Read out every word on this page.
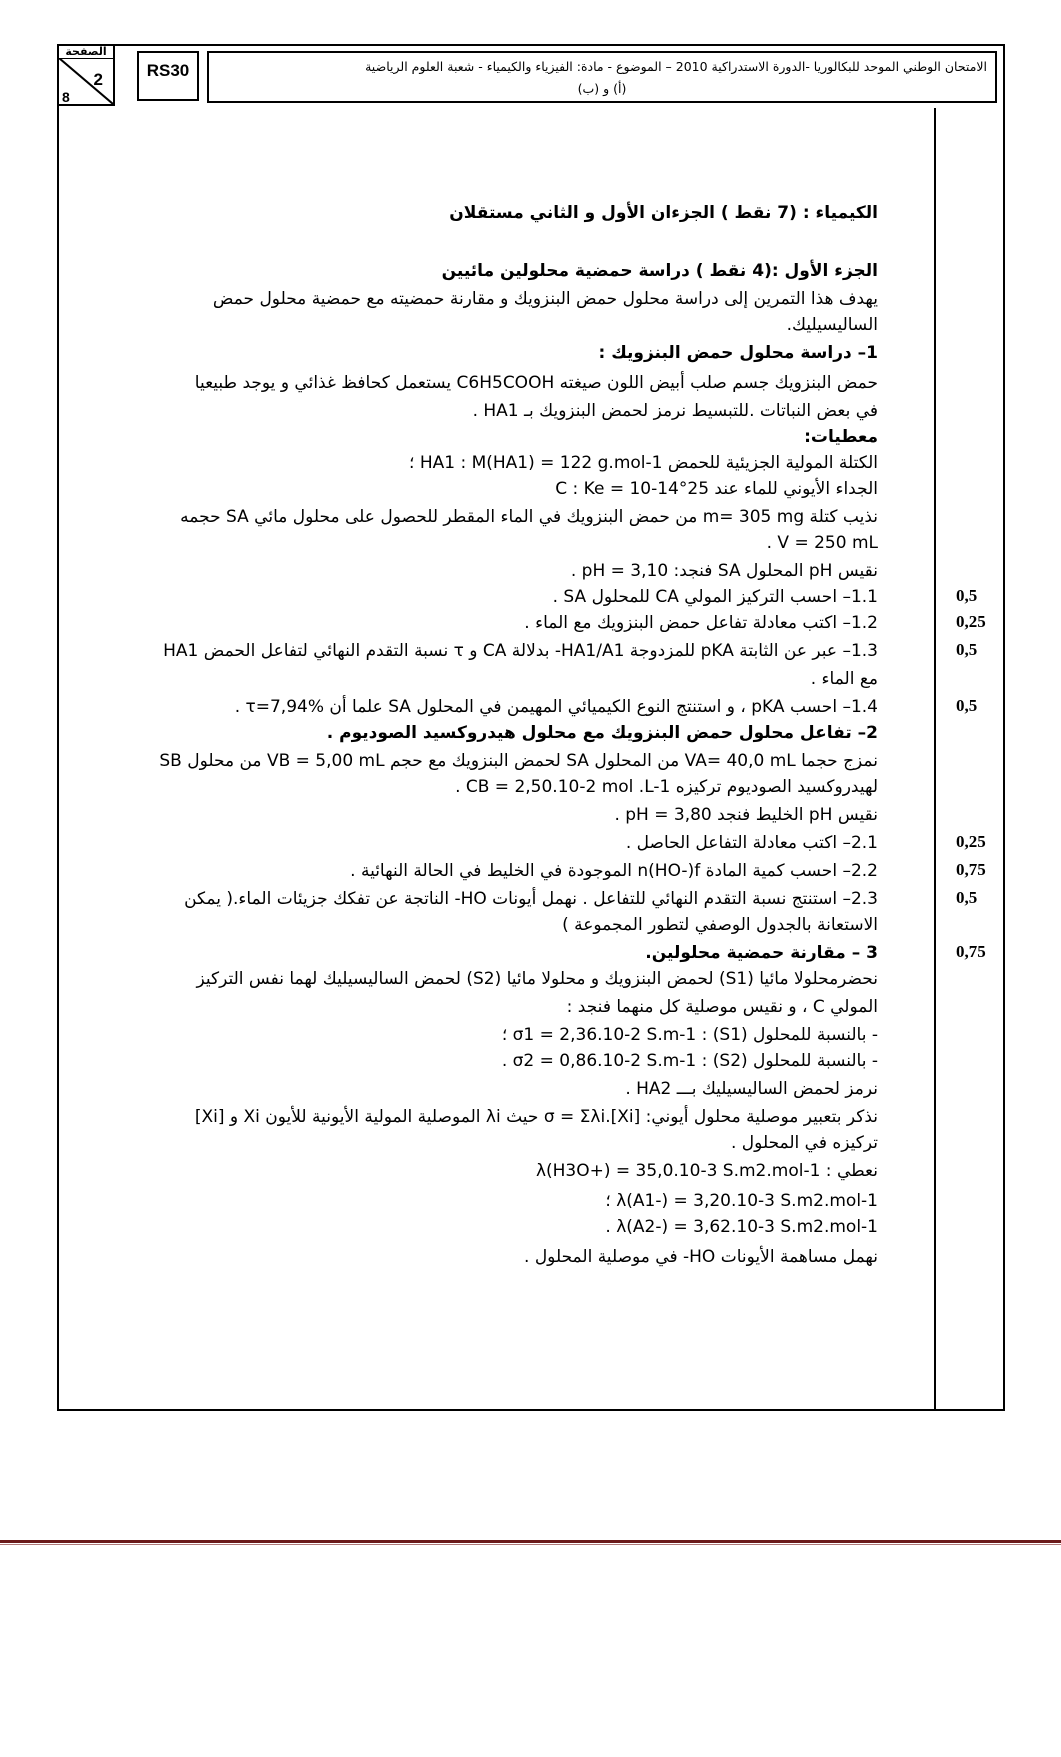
الصفحة
2
8
RS30	الامتحان الوطني الموحد للبكالوريا -الدورة الاستدراكية 2010 – الموضوع - مادة: الفيزياء والكيمياء - شعبة العلوم الرياضية
(أ) و (ب)
الكيمياء : (7 نقط ) الجزءان الأول و الثاني مستقلان
الجزء الأول :(4 نقط ) دراسة حمضية محلولين مائيين
يهدف هذا التمرين إلى دراسة محلول حمض البنزويك و مقارنة حمضيته مع حمضية محلول حمض
الساليسيليك.
1– دراسة محلول حمض البنزويك :
حمض البنزويك جسم صلب أبيض اللون صيغته C6H5COOH يستعمل كحافظ غذائي و يوجد طبيعيا
في بعض النباتات .للتبسيط نرمز لحمض البنزويك بـ HA1 .
معطيات:
الكتلة المولية الجزيئية للحمض HA1 : M(HA1) = 122 g.mol-1 ؛
الجداء الأيوني للماء عند 25°C : Ke = 10-14
نذيب كتلة m= 305 mg من حمض البنزويك في الماء المقطر للحصول على محلول مائي SA حجمه
V = 250 mL .
نقيس pH المحلول SA فنجد: pH = 3,10 .
1.1– احسب التركيز المولي CA للمحلول SA .	0,5
1.2– اكتب معادلة تفاعل حمض البنزويك مع الماء .	0,25
1.3– عبر عن الثابتة pKA للمزدوجة HA1/A1- بدلالة CA و τ نسبة التقدم النهائي لتفاعل الحمض HA1	0,5
مع الماء .
1.4– احسب pKA ، و استنتج النوع الكيميائي المهيمن في المحلول SA علما أن τ=7,94% .	0,5
2– تفاعل محلول حمض البنزويك مع محلول هيدروكسيد الصوديوم .
نمزج حجما VA= 40,0 mL من المحلول SA لحمض البنزويك مع حجم VB = 5,00 mL من محلول SB
لهيدروكسيد الصوديوم تركيزه CB = 2,50.10-2 mol .L-1 .
نقيس pH الخليط فنجد pH = 3,80 .
2.1– اكتب معادلة التفاعل الحاصل .	0,25
2.2– احسب كمية المادة n(HO-)f الموجودة في الخليط في الحالة النهائية .	0,75
2.3– استنتج نسبة التقدم النهائي للتفاعل . نهمل أيونات HO- الناتجة عن تفكك جزيئات الماء.( يمكن	0,5
الاستعانة بالجدول الوصفي لتطور المجموعة )
3 – مقارنة حمضية محلولين.	0,75
نحضرمحلولا مائيا (S1) لحمض البنزويك و محلولا مائيا (S2) لحمض الساليسيليك لهما نفس التركيز
المولي C ، و نقيس موصلية كل منهما فنجد :
- بالنسبة للمحلول (S1) : σ1 = 2,36.10-2 S.m-1 ؛
- بالنسبة للمحلول (S2) : σ2 = 0,86.10-2 S.m-1 .
نرمز لحمض الساليسيليك بـــ HA2 .
نذكر بتعبير موصلية محلول أيوني: σ = Σλi.[Xi] حيث λi الموصلية المولية الأيونية للأيون Xi و [Xi]
تركيزه في المحلول .
نعطي : λ(H3O+) = 35,0.10-3 S.m2.mol-1
λ(A1-) = 3,20.10-3 S.m2.mol-1 ؛
λ(A2-) = 3,62.10-3 S.m2.mol-1 .
نهمل مساهمة الأيونات HO- في موصلية المحلول .
